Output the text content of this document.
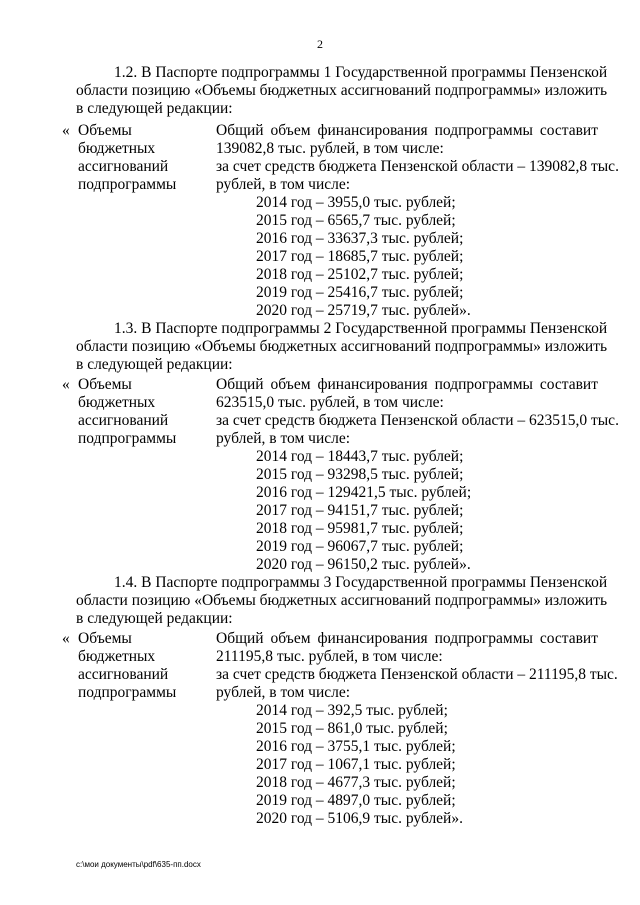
2
1.2. В Паспорте подпрограммы 1 Государственной программы Пензенской
области позицию «Объемы бюджетных ассигнований подпрограммы» изложить
в следующей редакции:
« Объемы
бюджетных
ассигнований
подпрограммы
Общий объем финансирования подпрограммы составит
139082,8 тыс. рублей, в том числе:
за счет средств бюджета Пензенской области – 139082,8 тыс.
рублей, в том числе:
2014 год – 3955,0 тыс. рублей;
2015 год – 6565,7 тыс. рублей;
2016 год – 33637,3 тыс. рублей;
2017 год – 18685,7 тыс. рублей;
2018 год – 25102,7 тыс. рублей;
2019 год – 25416,7 тыс. рублей;
2020 год – 25719,7 тыс. рублей».
1.3. В Паспорте подпрограммы 2 Государственной программы Пензенской
области позицию «Объемы бюджетных ассигнований подпрограммы» изложить
в следующей редакции:
« Объемы
бюджетных
ассигнований
подпрограммы
Общий объем финансирования подпрограммы составит
623515,0 тыс. рублей, в том числе:
за счет средств бюджета Пензенской области – 623515,0 тыс.
рублей, в том числе:
2014 год – 18443,7 тыс. рублей;
2015 год – 93298,5 тыс. рублей;
2016 год – 129421,5 тыс. рублей;
2017 год – 94151,7 тыс. рублей;
2018 год – 95981,7 тыс. рублей;
2019 год – 96067,7 тыс. рублей;
2020 год – 96150,2 тыс. рублей».
1.4. В Паспорте подпрограммы 3 Государственной программы Пензенской
области позицию «Объемы бюджетных ассигнований подпрограммы» изложить
в следующей редакции:
« Объемы
бюджетных
ассигнований
подпрограммы
Общий объем финансирования подпрограммы составит
211195,8 тыс. рублей, в том числе:
за счет средств бюджета Пензенской области – 211195,8 тыс.
рублей, в том числе:
2014 год – 392,5 тыс. рублей;
2015 год – 861,0 тыс. рублей;
2016 год – 3755,1 тыс. рублей;
2017 год – 1067,1 тыс. рублей;
2018 год – 4677,3 тыс. рублей;
2019 год – 4897,0 тыс. рублей;
2020 год – 5106,9 тыс. рублей».
c:\мои документы\pdf\635-пп.docx
